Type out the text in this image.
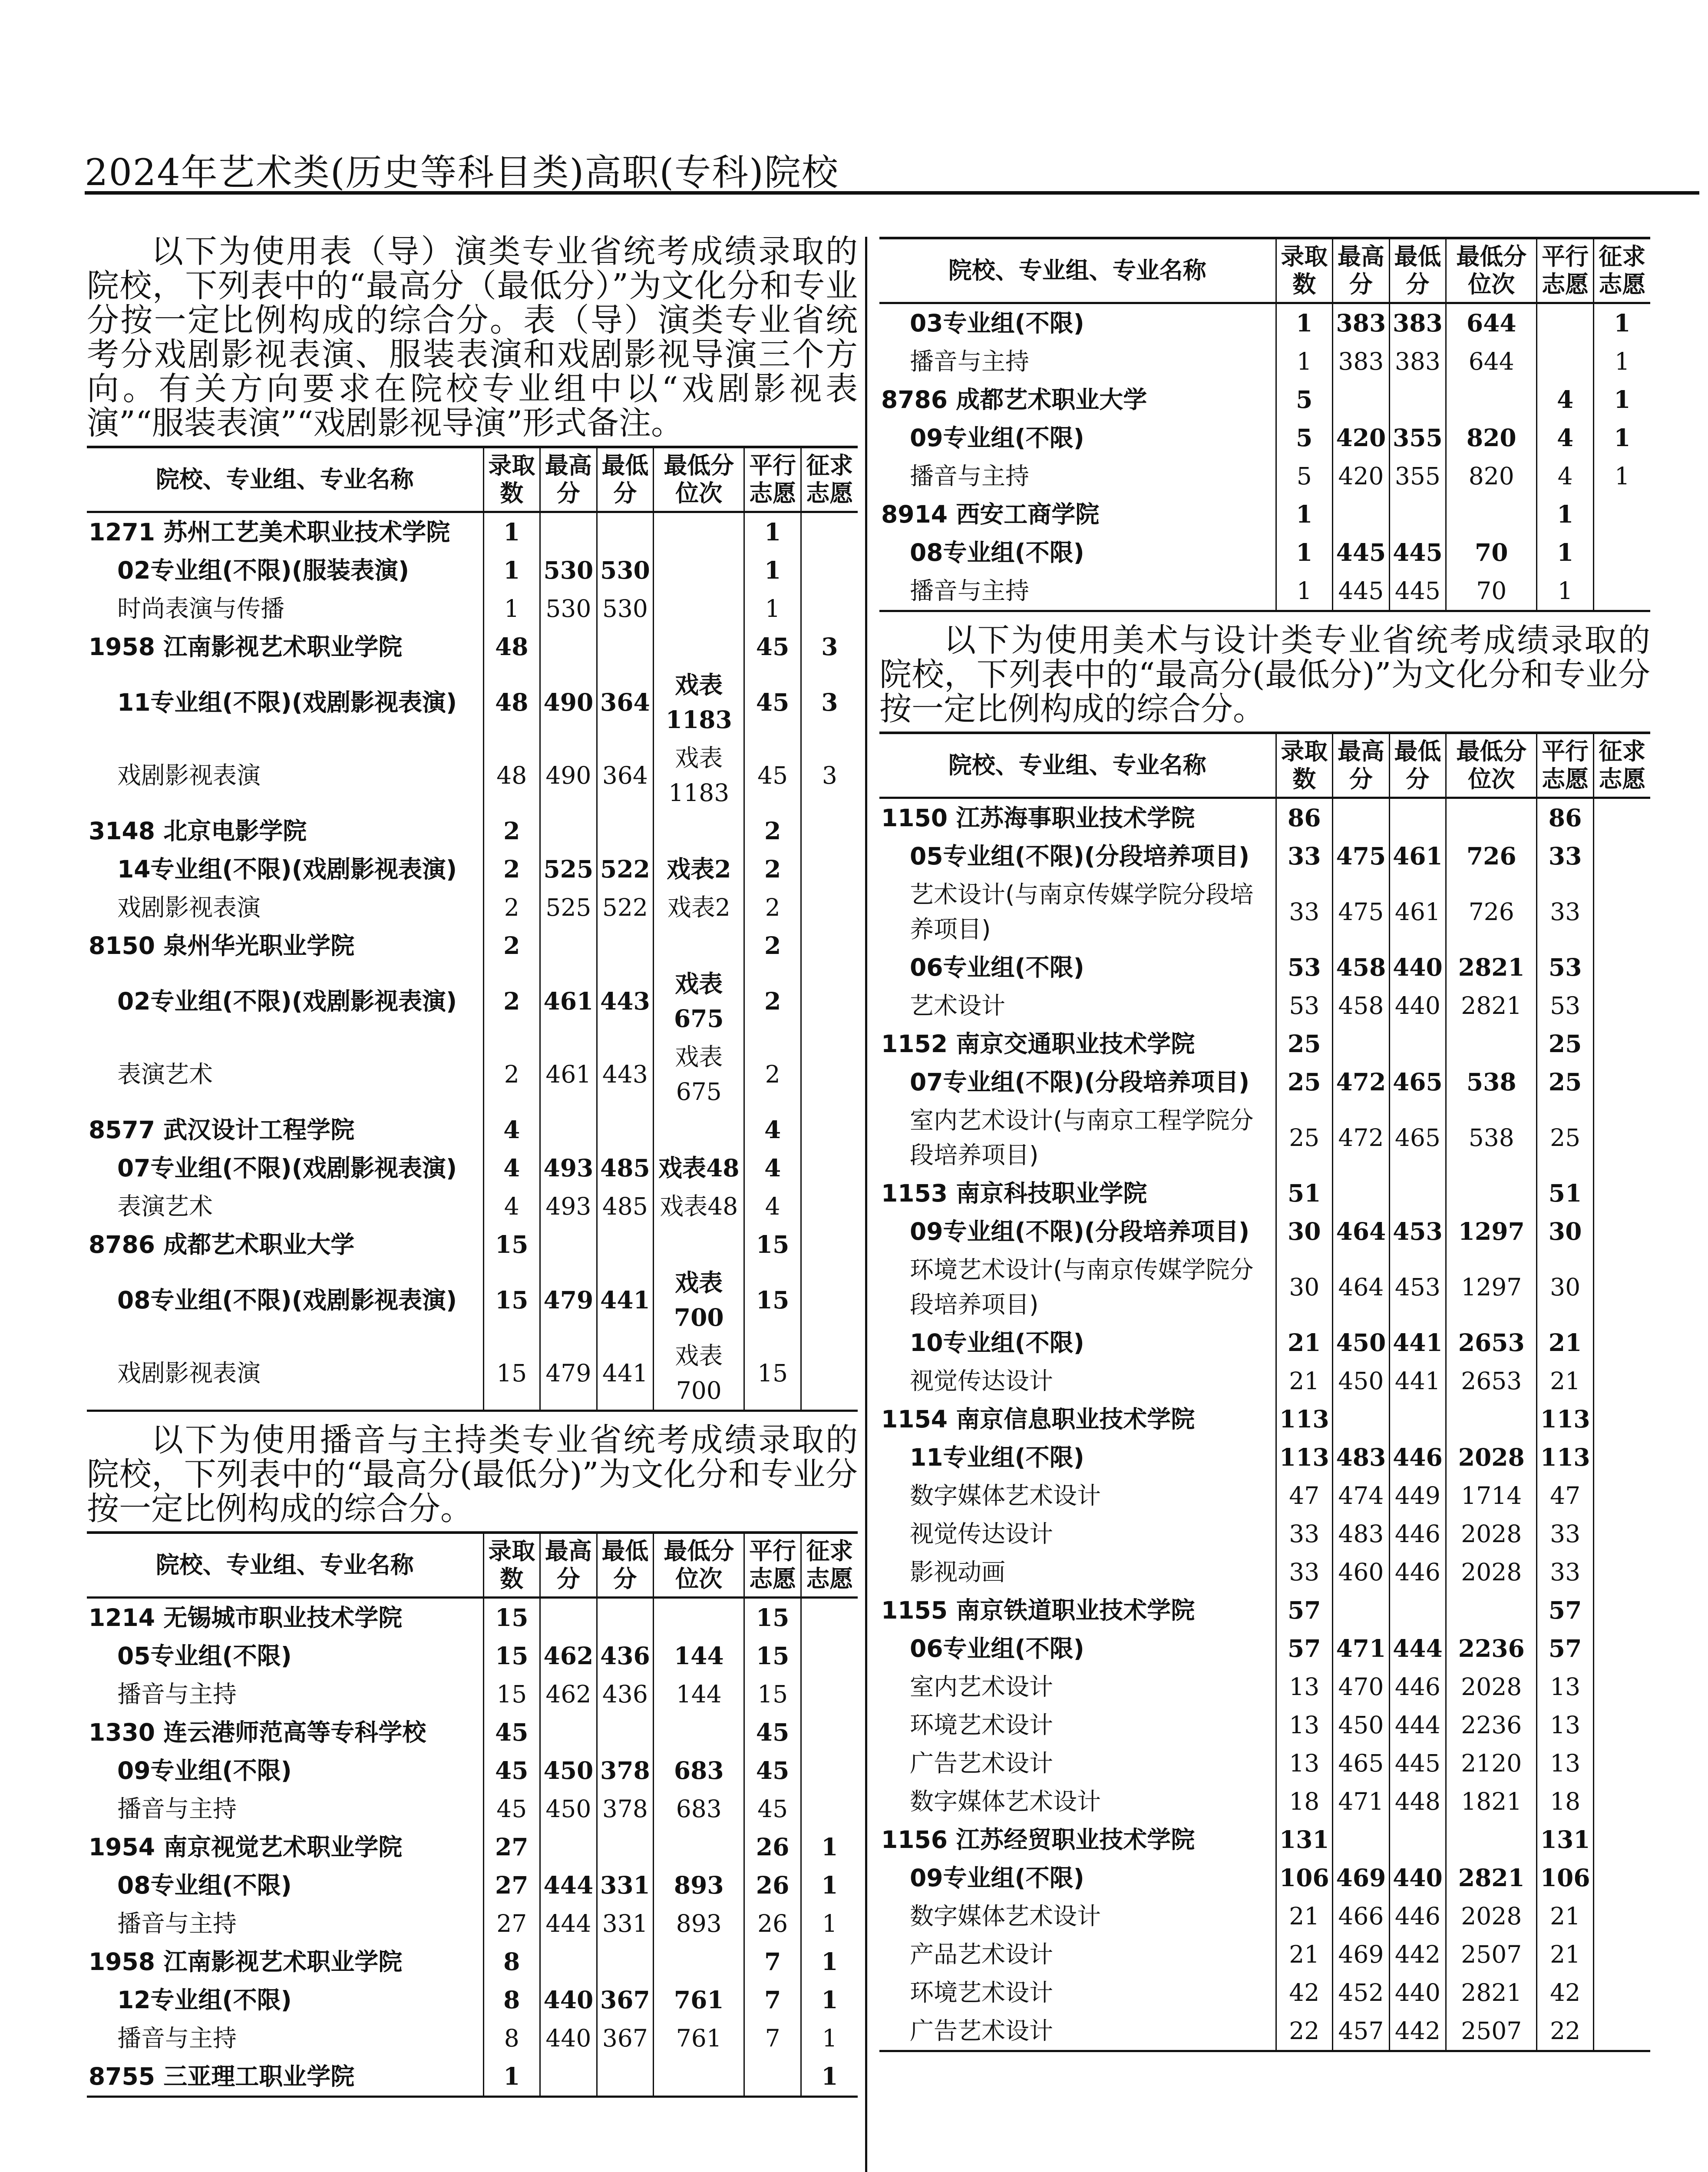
2024年艺术类(历史等科目类)高职(专科)院校

以下为使用表（导）演类专业省统考成绩录取的院校，下列表中的“最高分（最低分）”为文化分和专业分按一定比例构成的综合分。表（导）演类专业省统考分戏剧影视表演、服装表演和戏剧影视导演三个方向。有关方向要求在院校专业组中以“戏剧影视表演”“服装表演”“戏剧影视导演”形式备注。

院校、专业组、专业名称	录取数	最高分	最低分	最低分位次	平行志愿	征求志愿
1271 苏州工艺美术职业技术学院	1				1	
02专业组(不限)(服装表演)	1	530	530		1	
时尚表演与传播	1	530	530		1	
1958 江南影视艺术职业学院	48				45	3
11专业组(不限)(戏剧影视表演)	48	490	364	戏表1183	45	3
戏剧影视表演	48	490	364	戏表1183	45	3
3148 北京电影学院	2				2	
14专业组(不限)(戏剧影视表演)	2	525	522	戏表2	2	
戏剧影视表演	2	525	522	戏表2	2	
8150 泉州华光职业学院	2				2	
02专业组(不限)(戏剧影视表演)	2	461	443	戏表675	2	
表演艺术	2	461	443	戏表675	2	
8577 武汉设计工程学院	4				4	
07专业组(不限)(戏剧影视表演)	4	493	485	戏表48	4	
表演艺术	4	493	485	戏表48	4	
8786 成都艺术职业大学	15				15	
08专业组(不限)(戏剧影视表演)	15	479	441	戏表700	15	
戏剧影视表演	15	479	441	戏表700	15	

以下为使用播音与主持类专业省统考成绩录取的院校，下列表中的“最高分(最低分)”为文化分和专业分按一定比例构成的综合分。

院校、专业组、专业名称	录取数	最高分	最低分	最低分位次	平行志愿	征求志愿
1214 无锡城市职业技术学院	15				15	
05专业组(不限)	15	462	436	144	15	
播音与主持	15	462	436	144	15	
1330 连云港师范高等专科学校	45				45	
09专业组(不限)	45	450	378	683	45	
播音与主持	45	450	378	683	45	
1954 南京视觉艺术职业学院	27				26	1
08专业组(不限)	27	444	331	893	26	1
播音与主持	27	444	331	893	26	1
1958 江南影视艺术职业学院	8				7	1
12专业组(不限)	8	440	367	761	7	1
播音与主持	8	440	367	761	7	1
8755 三亚理工职业学院	1					1
院校、专业组、专业名称	录取数	最高分	最低分	最低分位次	平行志愿	征求志愿
03专业组(不限)	1	383	383	644		1
播音与主持	1	383	383	644		1
8786 成都艺术职业大学	5				4	1
09专业组(不限)	5	420	355	820	4	1
播音与主持	5	420	355	820	4	1
8914 西安工商学院	1				1	
08专业组(不限)	1	445	445	70	1	
播音与主持	1	445	445	70	1	

以下为使用美术与设计类专业省统考成绩录取的院校，下列表中的“最高分(最低分)”为文化分和专业分按一定比例构成的综合分。

院校、专业组、专业名称	录取数	最高分	最低分	最低分位次	平行志愿	征求志愿
1150 江苏海事职业技术学院	86				86	
05专业组(不限)(分段培养项目)	33	475	461	726	33	
艺术设计(与南京传媒学院分段培养项目)	33	475	461	726	33	
06专业组(不限)	53	458	440	2821	53	
艺术设计	53	458	440	2821	53	
1152 南京交通职业技术学院	25				25	
07专业组(不限)(分段培养项目)	25	472	465	538	25	
室内艺术设计(与南京工程学院分段培养项目)	25	472	465	538	25	
1153 南京科技职业学院	51				51	
09专业组(不限)(分段培养项目)	30	464	453	1297	30	
环境艺术设计(与南京传媒学院分段培养项目)	30	464	453	1297	30	
10专业组(不限)	21	450	441	2653	21	
视觉传达设计	21	450	441	2653	21	
1154 南京信息职业技术学院	113				113	
11专业组(不限)	113	483	446	2028	113	
数字媒体艺术设计	47	474	449	1714	47	
视觉传达设计	33	483	446	2028	33	
影视动画	33	460	446	2028	33	
1155 南京铁道职业技术学院	57				57	
06专业组(不限)	57	471	444	2236	57	
室内艺术设计	13	470	446	2028	13	
环境艺术设计	13	450	444	2236	13	
广告艺术设计	13	465	445	2120	13	
数字媒体艺术设计	18	471	448	1821	18	
1156 江苏经贸职业技术学院	131				131	
09专业组(不限)	106	469	440	2821	106	
数字媒体艺术设计	21	466	446	2028	21	
产品艺术设计	21	469	442	2507	21	
环境艺术设计	42	452	440	2821	42	
广告艺术设计	22	457	442	2507	22	
